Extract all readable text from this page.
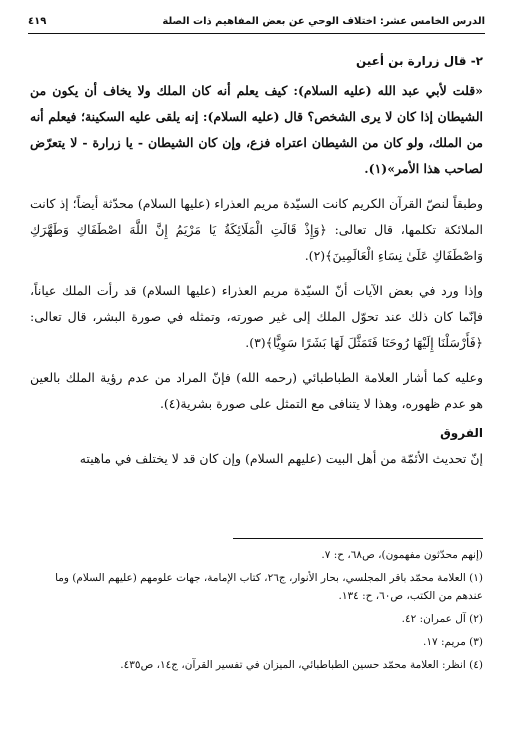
الدرس الخامس عشر: اختلاف الوحي عن بعض المفاهيم ذات الصلة
٤١٩
٢- قال زرارة بن أعين

«قلت لأبي عبد الله (عليه السلام): كيف يعلم أنه كان الملك ولا يخاف أن يكون من الشيطان إذا كان لا يرى الشخص؟ قال (عليه السلام): إنه يلقى عليه السكينة؛ فيعلم أنه من الملك، ولو كان من الشيطان اعتراه فزع، وإن كان الشيطان - يا زرارة - لا يتعرّض لصاحب هذا الأمر»(١).

وطبقاً لنصّ القرآن الكريم كانت السيّدة مريم العذراء (عليها السلام) محدّثة أيضاً؛ إذ كانت الملائكة تكلمها، قال تعالى: ﴿وَإِذْ قَالَتِ الْمَلَائِكَةُ يَا مَرْيَمُ إِنَّ اللَّهَ اصْطَفَاكِ وَطَهَّرَكِ وَاصْطَفَاكِ عَلَىٰ نِسَاءِ الْعَالَمِينَ﴾(٢).

وإذا ورد في بعض الآيات أنّ السيّدة مريم العذراء (عليها السلام) قد رأت الملك عياناً، فإنّما كان ذلك عند تحوّل الملك إلى غير صورته، وتمثله في صورة البشر، قال تعالى: ﴿فَأَرْسَلْنَا إِلَيْهَا رُوحَنَا فَتَمَثَّلَ لَهَا بَشَرًا سَوِيًّا﴾(٣).

وعليه كما أشار العلامة الطباطبائي (رحمه الله) فإنّ المراد من عدم رؤية الملك بالعين هو عدم ظهوره، وهذا لا يتنافى مع التمثل على صورة بشرية(٤).

الفروق

إنّ تحديث الأئمّة من أهل البيت (عليهم السلام) وإن كان قد لا يختلف في ماهيته

(إنهم محدّثون مفهمون)، ص٦٨، ح: ٧.
(١) العلامة محمّد باقر المجلسي، بحار الأنوار، ج٢٦، كتاب الإمامة، جهات علومهم (عليهم السلام) وما عندهم من الكتب، ص٦٠، ح: ١٣٤.
(٢) آل عمران: ٤٢.
(٣) مريم: ١٧.
(٤) انظر: العلامة محمّد حسين الطباطبائي، الميزان في تفسير القرآن، ج١٤، ص٤٣٥.
